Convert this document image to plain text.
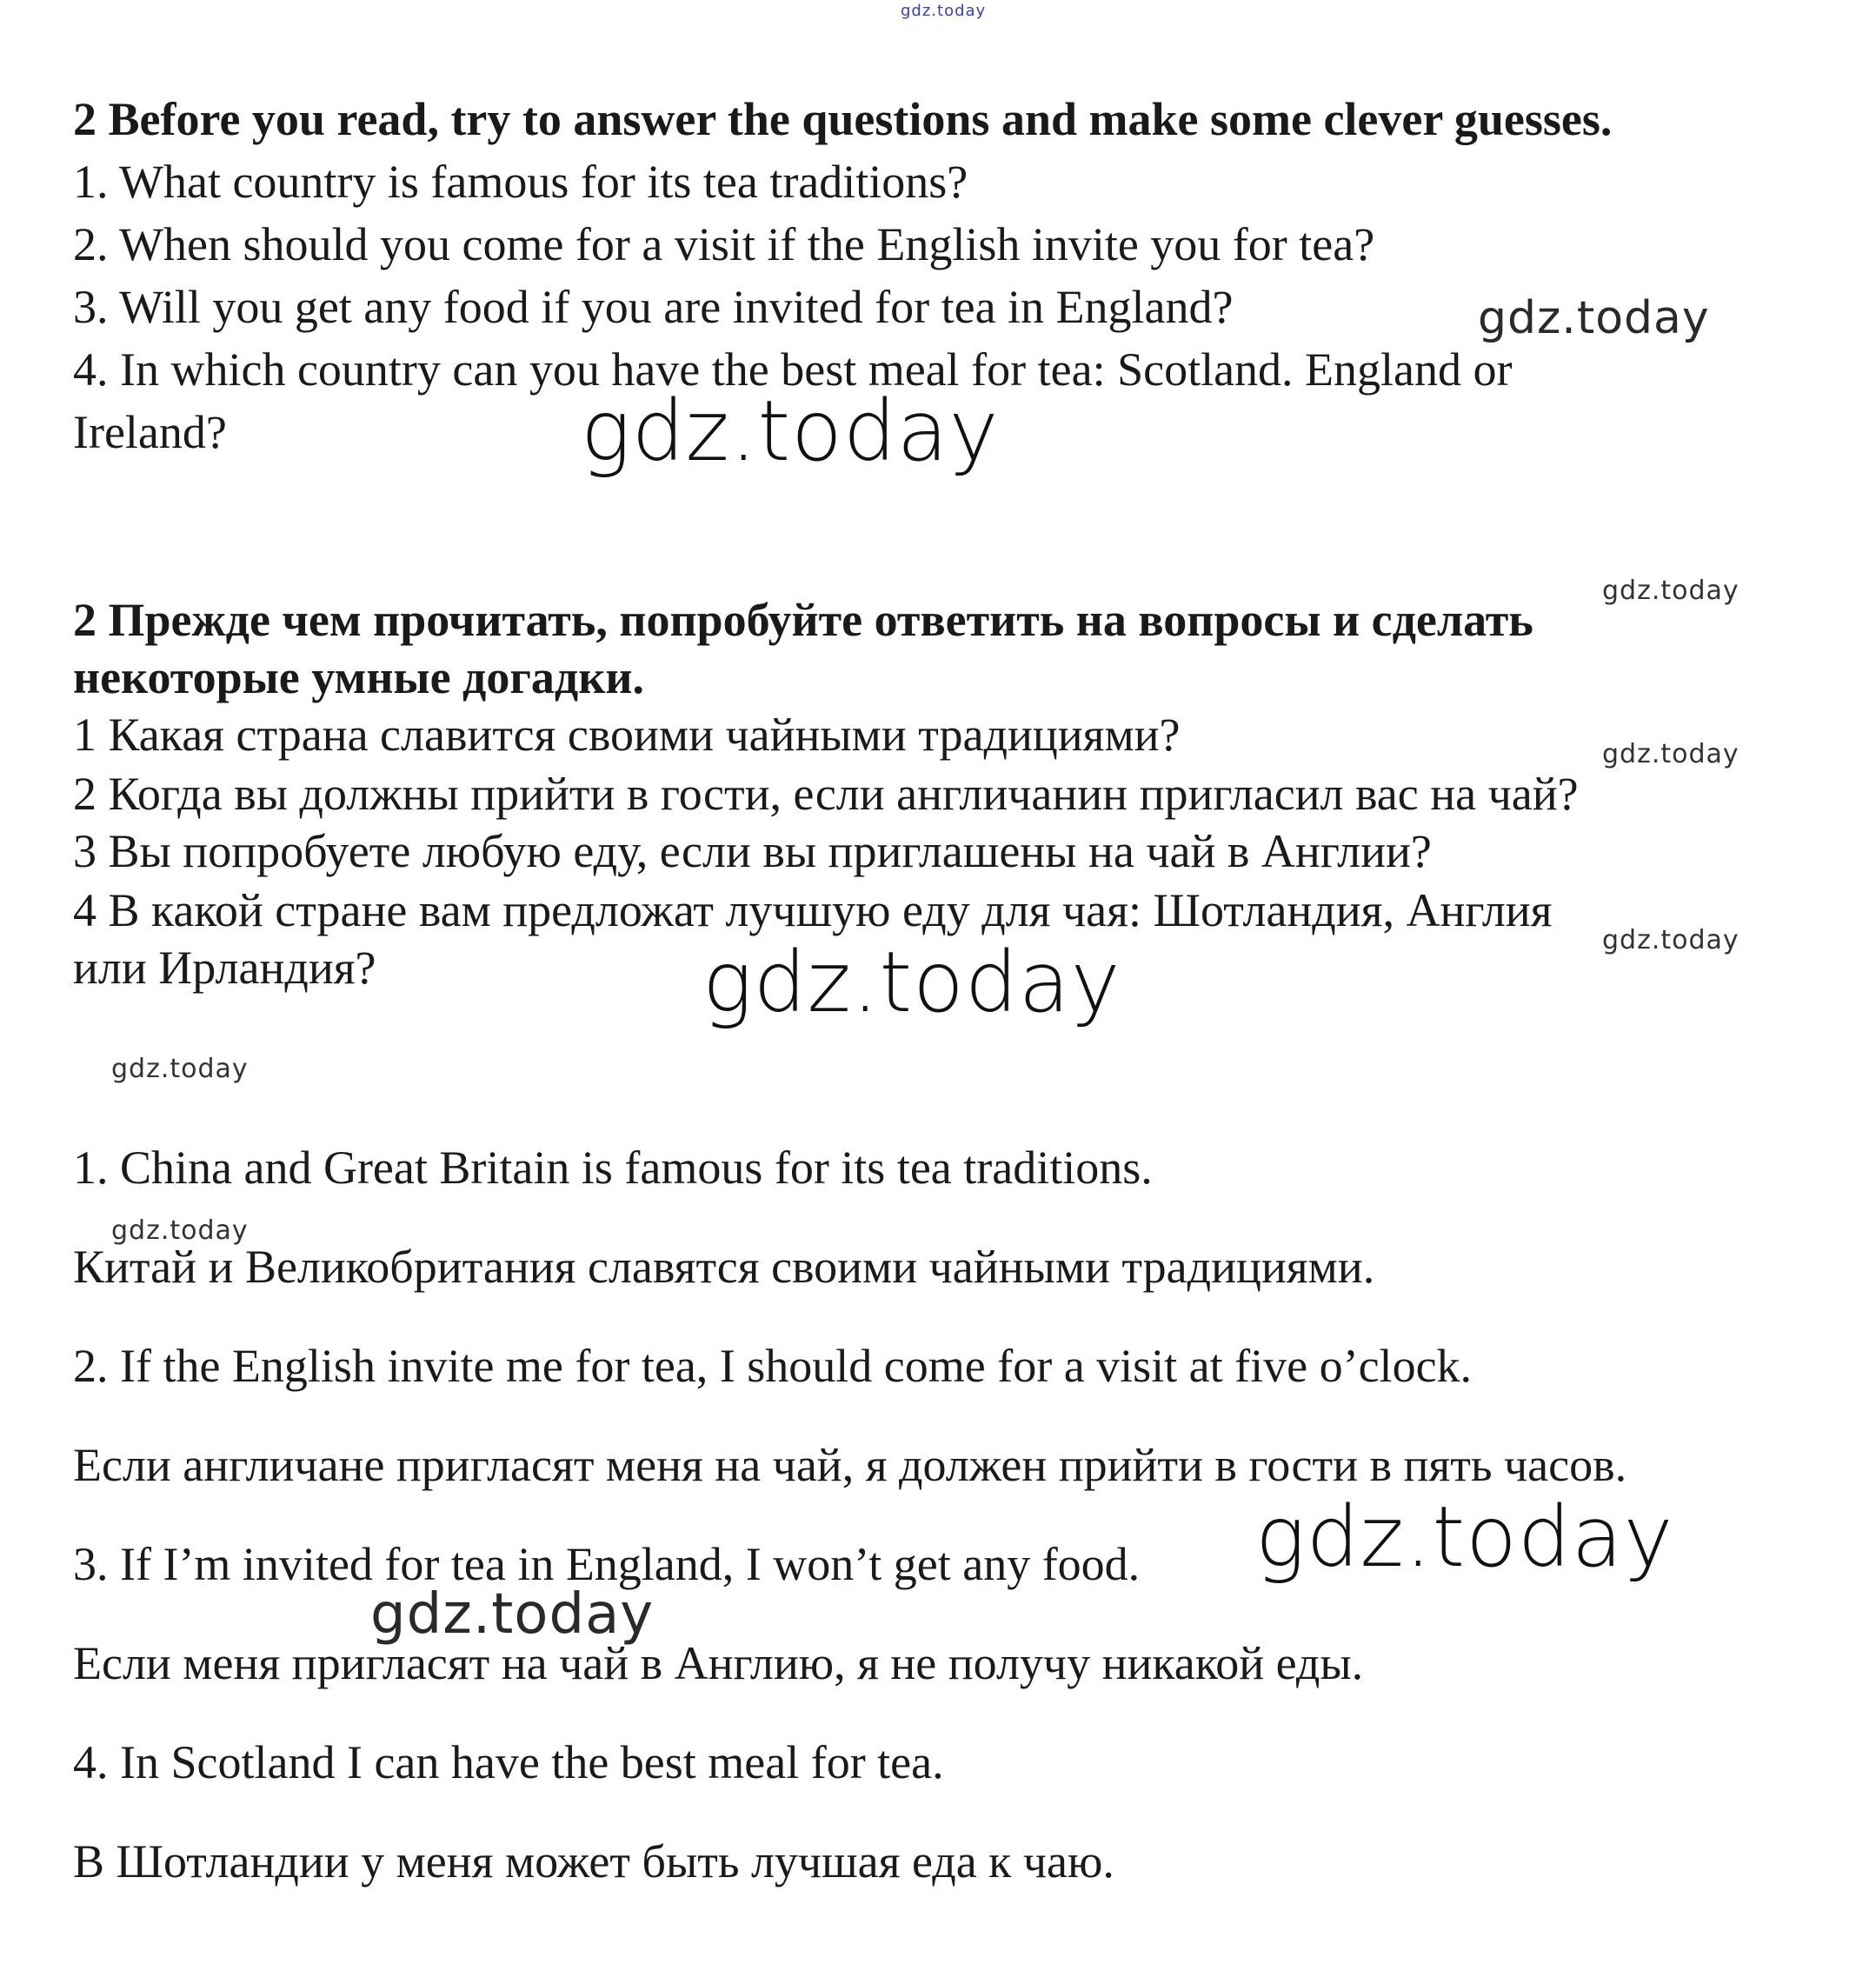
gdz.today
2 Before you read, try to answer the questions and make some clever guesses.
1. What country is famous for its tea traditions?
2. When should you come for a visit if the English invite you for tea?
3. Will you get any food if you are invited for tea in England?	gdz.today
4. In which country can you have the best meal for tea: Scotland. England or
Ireland?	gdz.today
gdz.today
2 Прежде чем прочитать, попробуйте ответить на вопросы и сделать
некоторые умные догадки.
1 Какая страна славится своими чайными традициями?	gdz.today
2 Когда вы должны прийти в гости, если англичанин пригласил вас на чай?
3 Вы попробуете любую еду, если вы приглашены на чай в Англии?
4 В какой стране вам предложат лучшую еду для чая: Шотландия, Англия
gdz.today
или Ирландия?	gdz.today
gdz.today
1. China and Great Britain is famous for its tea traditions.
gdz.today
Китай и Великобритания славятся своими чайными традициями.
2. If the English invite me for tea, I should come for a visit at five o’clock.
Если англичане пригласят меня на чай, я должен прийти в гости в пять часов.
3. If I’m invited for tea in England, I won’t get any food. gdz.today
gdz.today
Если меня пригласят на чай в Англию, я не получу никакой еды.
4. In Scotland I can have the best meal for tea.
В Шотландии у меня может быть лучшая еда к чаю.
